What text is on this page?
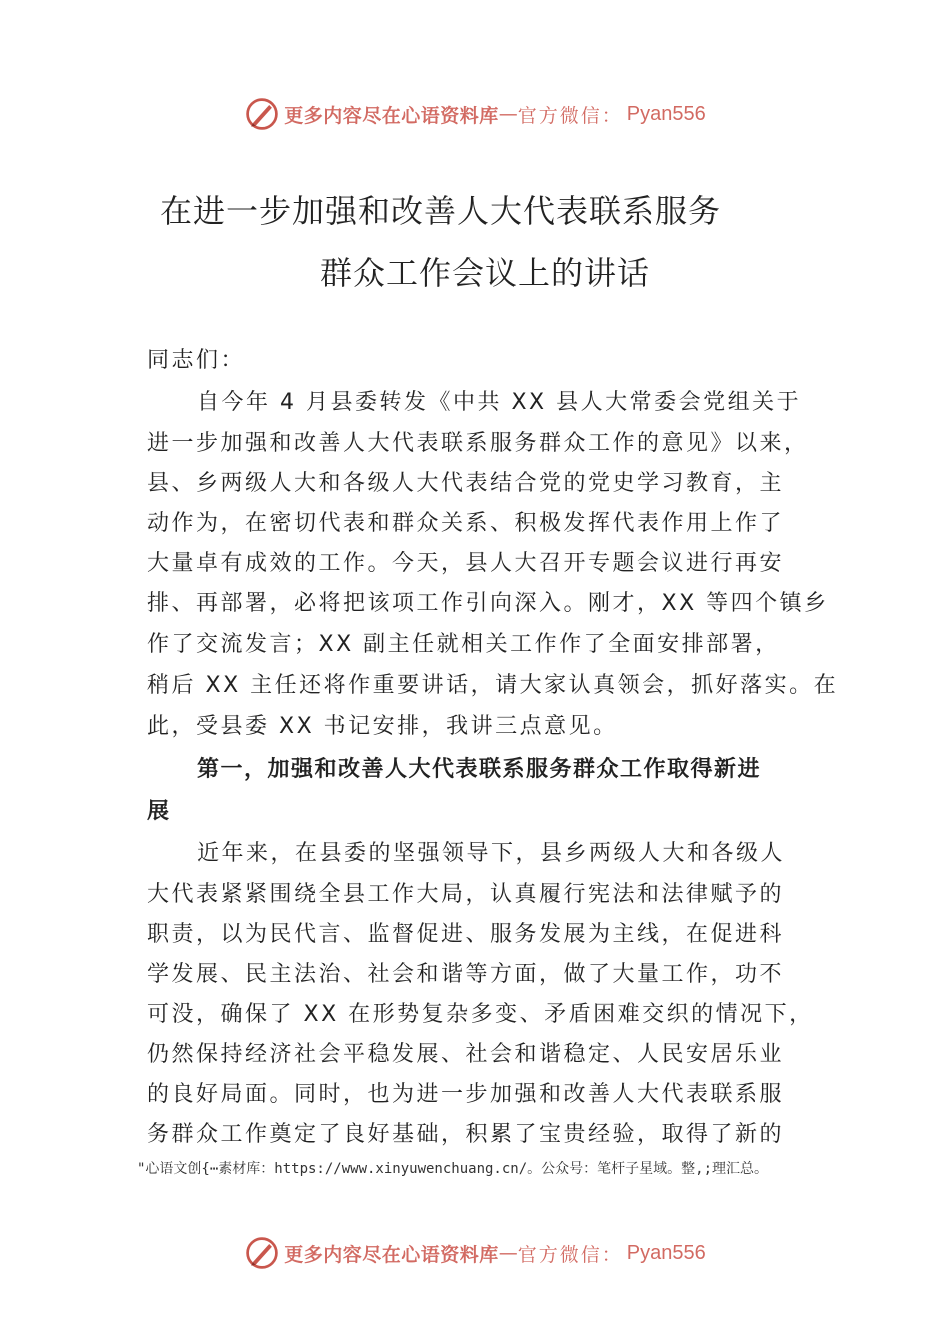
更多内容尽在心语资料库 — 官方微信： Pyan556
在进一步加强和改善人大代表联系服务
群众工作会议上的讲话
同志们：
自今年 4 月县委转发《中共 XX 县人大常委会党组关于
进一步加强和改善人大代表联系服务群众工作的意见》以来，
县、乡两级人大和各级人大代表结合党的党史学习教育，主
动作为，在密切代表和群众关系、积极发挥代表作用上作了
大量卓有成效的工作。今天，县人大召开专题会议进行再安
排、再部署，必将把该项工作引向深入。刚才，XX 等四个镇乡
作了交流发言；XX 副主任就相关工作作了全面安排部署，
稍后 XX 主任还将作重要讲话，请大家认真领会，抓好落实。在
此，受县委 XX 书记安排，我讲三点意见。
第一，加强和改善人大代表联系服务群众工作取得新进
展
近年来，在县委的坚强领导下，县乡两级人大和各级人
大代表紧紧围绕全县工作大局，认真履行宪法和法律赋予的
职责，以为民代言、监督促进、服务发展为主线，在促进科
学发展、民主法治、社会和谐等方面，做了大量工作，功不
可没，确保了 XX 在形势复杂多变、矛盾困难交织的情况下，
仍然保持经济社会平稳发展、社会和谐稳定、人民安居乐业
的良好局面。同时，也为进一步加强和改善人大代表联系服
务群众工作奠定了良好基础，积累了宝贵经验，取得了新的
"心语文创{⋯素材库：https://www.xinyuwenchuang.cn/。公众号：笔杆子星域。整,;理汇总。
更多内容尽在心语资料库 — 官方微信： Pyan556
